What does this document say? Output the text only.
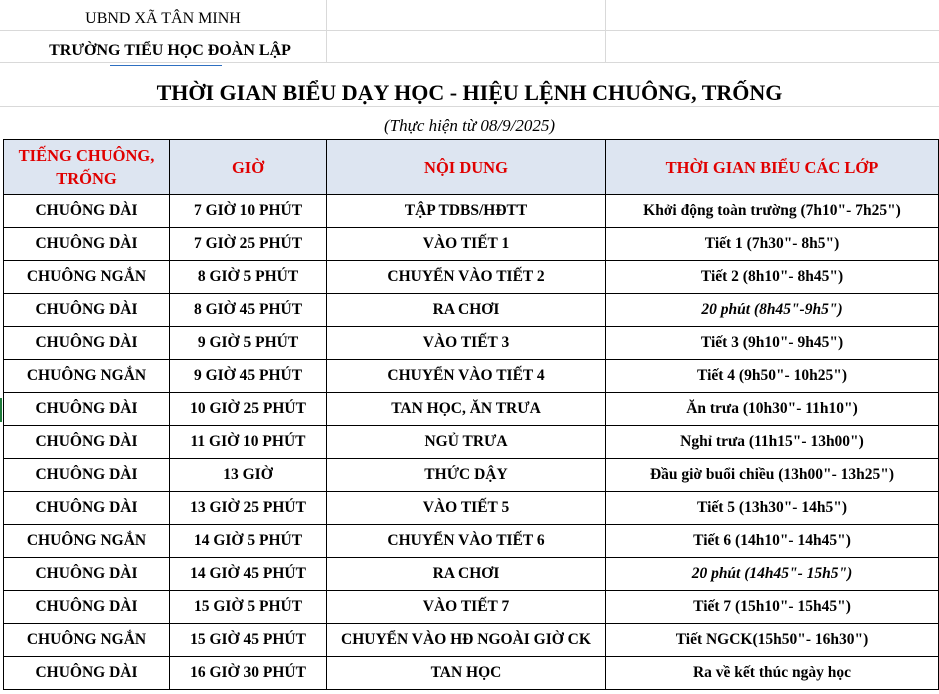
UBND XÃ TÂN MINH
TRƯỜNG TIỂU HỌC ĐOÀN LẬP
THỜI GIAN BIỂU DẠY HỌC - HIỆU LỆNH CHUÔNG, TRỐNG
(Thực hiện từ 08/9/2025)
TIẾNG CHUÔNG, TRỐNG	GIỜ	NỘI DUNG	THỜI GIAN BIỂU CÁC LỚP
CHUÔNG DÀI	7 GIỜ 10 PHÚT	TẬP TDBS/HĐTT	Khởi động toàn trường (7h10"- 7h25")
CHUÔNG DÀI	7 GIỜ 25 PHÚT	VÀO TIẾT 1	Tiết 1 (7h30"- 8h5")
CHUÔNG NGẮN	8 GIỜ 5 PHÚT	CHUYỂN VÀO TIẾT 2	Tiết 2 (8h10"- 8h45")
CHUÔNG DÀI	8 GIỜ 45 PHÚT	RA CHƠI	20 phút (8h45"-9h5")
CHUÔNG DÀI	9 GIỜ 5 PHÚT	VÀO TIẾT 3	Tiết 3 (9h10"- 9h45")
CHUÔNG NGẮN	9 GIỜ 45 PHÚT	CHUYỂN VÀO TIẾT 4	Tiết 4 (9h50"- 10h25")
CHUÔNG DÀI	10 GIỜ 25 PHÚT	TAN HỌC, ĂN TRƯA	Ăn trưa (10h30"- 11h10")
CHUÔNG DÀI	11 GIỜ 10 PHÚT	NGỦ TRƯA	Nghỉ trưa (11h15"- 13h00")
CHUÔNG DÀI	13 GIỜ	THỨC DẬY	Đầu giờ buổi chiều (13h00"- 13h25")
CHUÔNG DÀI	13 GIỜ 25 PHÚT	VÀO TIẾT 5	Tiết 5 (13h30"- 14h5")
CHUÔNG NGẮN	14 GIỜ 5 PHÚT	CHUYỂN VÀO TIẾT 6	Tiết 6 (14h10"- 14h45")
CHUÔNG DÀI	14 GIỜ 45 PHÚT	RA CHƠI	20 phút (14h45"- 15h5")
CHUÔNG DÀI	15 GIỜ 5 PHÚT	VÀO TIẾT 7	Tiết 7 (15h10"- 15h45")
CHUÔNG NGẮN	15 GIỜ 45 PHÚT	CHUYỂN VÀO HĐ NGOÀI GIỜ CK	Tiết NGCK(15h50"- 16h30")
CHUÔNG DÀI	16 GIỜ 30 PHÚT	TAN HỌC	Ra về kết thúc ngày học
